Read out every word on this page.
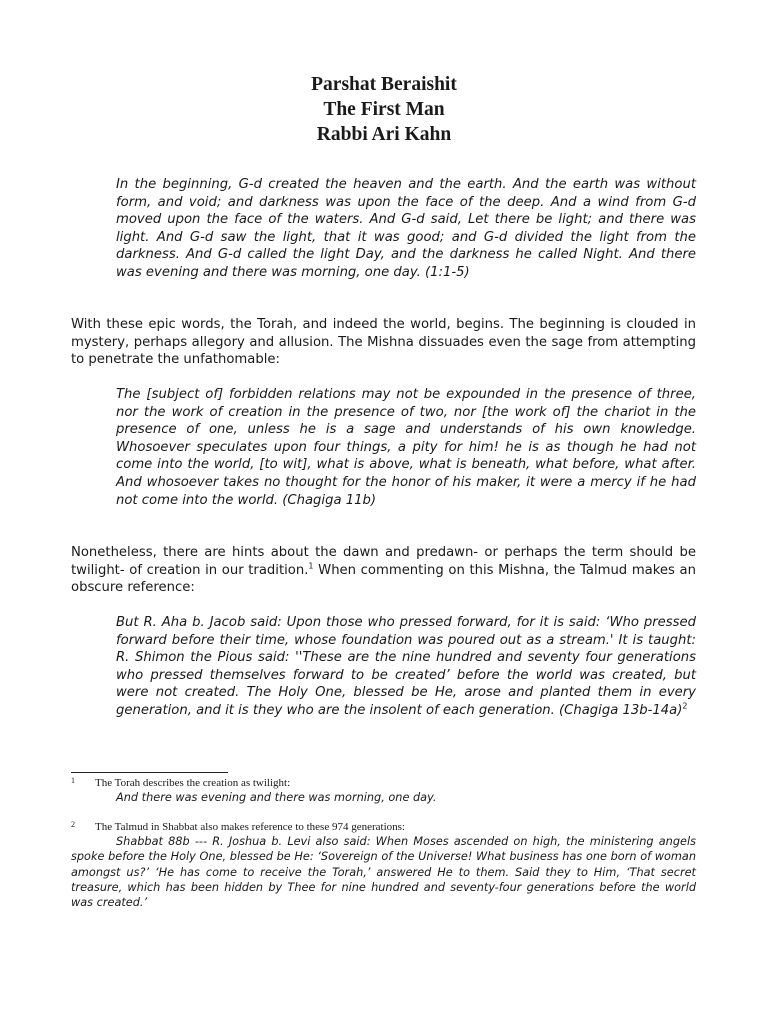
Parshat Beraishit
The First Man
Rabbi Ari Kahn

In the beginning, G-d created the heaven and the earth. And the earth was without form, and void; and darkness was upon the face of the deep. And a wind from G-d moved upon the face of the waters. And G-d said, Let there be light; and there was light. And G-d saw the light, that it was good; and G-d divided the light from the darkness. And G-d called the light Day, and the darkness he called Night. And there was evening and there was morning, one day. (1:1-5)

With these epic words, the Torah, and indeed the world, begins. The beginning is clouded in mystery, perhaps allegory and allusion. The Mishna dissuades even the sage from attempting to penetrate the unfathomable:

The [subject of] forbidden relations may not be expounded in the presence of three, nor the work of creation in the presence of two, nor [the work of] the chariot in the presence of one, unless he is a sage and understands of his own knowledge. Whosoever speculates upon four things, a pity for him! he is as though he had not come into the world, [to wit], what is above, what is beneath, what before, what after. And whosoever takes no thought for the honor of his maker, it were a mercy if he had not come into the world. (Chagiga 11b)

Nonetheless, there are hints about the dawn and predawn- or perhaps the term should be twilight- of creation in our tradition.$^1$ When commenting on this Mishna, the Talmud makes an obscure reference:

But R. Aha b. Jacob said: Upon those who pressed forward, for it is said: ‘Who pressed forward before their time, whose foundation was poured out as a stream.' It is taught: R. Shimon the Pious said: ''These are the nine hundred and seventy four generations who pressed themselves forward to be created’ before the world was created, but were not created. The Holy One, blessed be He, arose and planted them in every generation, and it is they who are the insolent of each generation. (Chagiga 13b-14a)$^2$

1 The Torah describes the creation as twilight:
And there was evening and there was morning, one day.
2 The Talmud in Shabbat also makes reference to these 974 generations:
Shabbat 88b --- R. Joshua b. Levi also said: When Moses ascended on high, the ministering angels spoke before the Holy One, blessed be He: ‘Sovereign of the Universe! What business has one born of woman amongst us?’ ‘He has come to receive the Torah,’ answered He to them. Said they to Him, ‘That secret treasure, which has been hidden by Thee for nine hundred and seventy-four generations before the world was created.’
